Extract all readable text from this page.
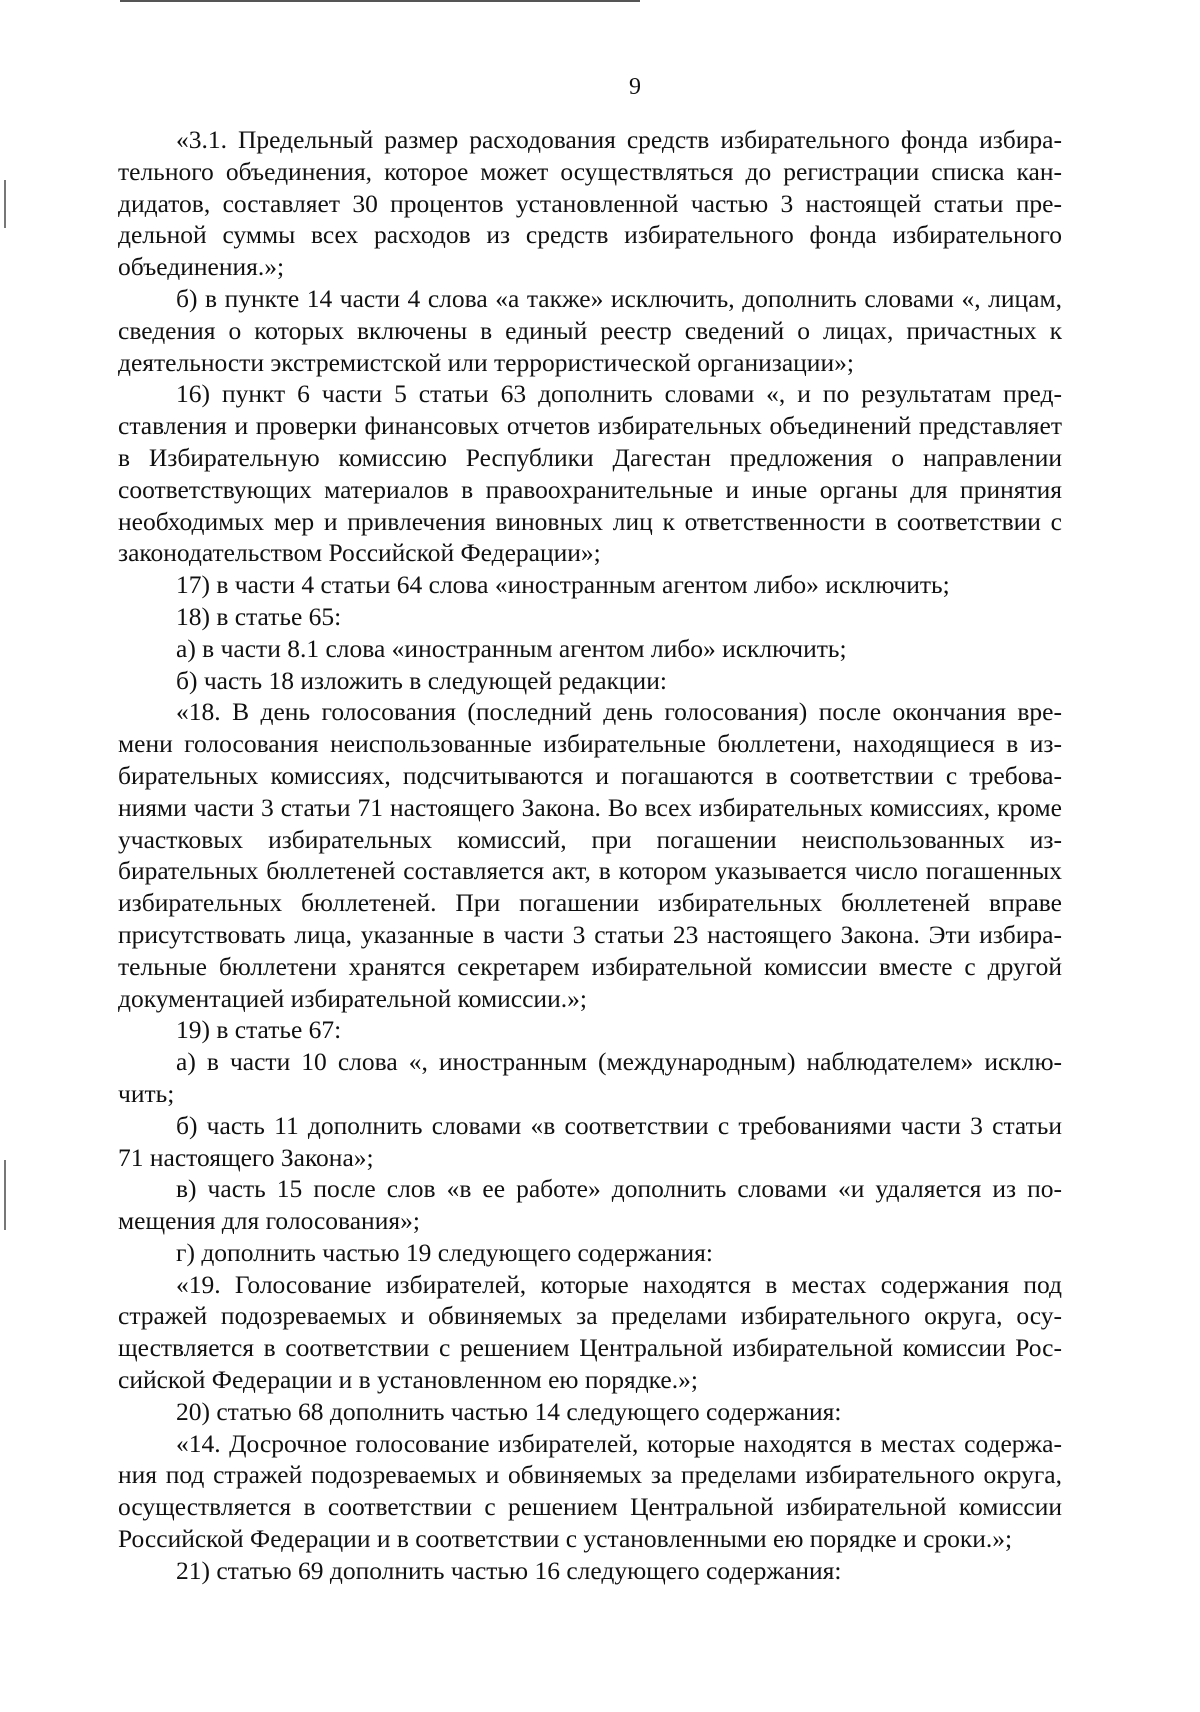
9

«3.1. Предельный размер расходования средств избирательного фонда избирательного объединения, которое может осуществляться до регистрации списка кандидатов, составляет 30 процентов установленной частью 3 настоящей статьи предельной суммы всех расходов из средств избирательного фонда избирательного объединения.»;

б) в пункте 14 части 4 слова «а также» исключить, дополнить словами «, лицам, сведения о которых включены в единый реестр сведений о лицах, причастных к деятельности экстремистской или террористической организации»;

16) пункт 6 части 5 статьи 63 дополнить словами «, и по результатам представления и проверки финансовых отчетов избирательных объединений представляет в Избирательную комиссию Республики Дагестан предложения о направлении соответствующих материалов в правоохранительные и иные органы для принятия необходимых мер и привлечения виновных лиц к ответственности в соответствии с законодательством Российской Федерации»;

17) в части 4 статьи 64 слова «иностранным агентом либо» исключить;

18) в статье 65:

а) в части 8.1 слова «иностранным агентом либо» исключить;

б) часть 18 изложить в следующей редакции:

«18. В день голосования (последний день голосования) после окончания времени голосования неиспользованные избирательные бюллетени, находящиеся в избирательных комиссиях, подсчитываются и погашаются в соответствии с требованиями части 3 статьи 71 настоящего Закона. Во всех избирательных комиссиях, кроме участковых избирательных комиссий, при погашении неиспользованных избирательных бюллетеней составляется акт, в котором указывается число погашенных избирательных бюллетеней. При погашении избирательных бюллетеней вправе присутствовать лица, указанные в части 3 статьи 23 настоящего Закона. Эти избирательные бюллетени хранятся секретарем избирательной комиссии вместе с другой документацией избирательной комиссии.»;

19) в статье 67:

а) в части 10 слова «, иностранным (международным) наблюдателем» исключить;

б) часть 11 дополнить словами «в соответствии с требованиями части 3 статьи 71 настоящего Закона»;

в) часть 15 после слов «в ее работе» дополнить словами «и удаляется из помещения для голосования»;

г) дополнить частью 19 следующего содержания:

«19. Голосование избирателей, которые находятся в местах содержания под стражей подозреваемых и обвиняемых за пределами избирательного округа, осуществляется в соответствии с решением Центральной избирательной комиссии Российской Федерации и в установленном ею порядке.»;

20) статью 68 дополнить частью 14 следующего содержания:

«14. Досрочное голосование избирателей, которые находятся в местах содержания под стражей подозреваемых и обвиняемых за пределами избирательного округа, осуществляется в соответствии с решением Центральной избирательной комиссии Российской Федерации и в соответствии с установленными ею порядке и сроки.»;

21) статью 69 дополнить частью 16 следующего содержания:
